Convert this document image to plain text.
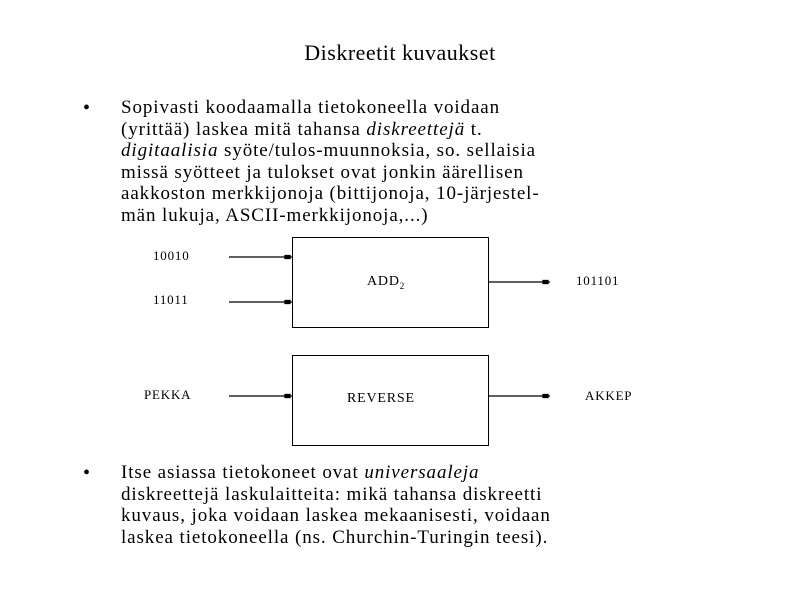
Diskreetit kuvaukset
• Sopivasti koodaamalla tietokoneella voidaan
(yrittää) laskea mitä tahansa diskreettejä t.
digitaalisia syöte/tulos-muunnoksia, so. sellaisia
missä syötteet ja tulokset ovat jonkin äärellisen
aakkoston merkkijonoja (bittijonoja, 10-järjestel-
män lukuja, ASCII-merkkijonoja,...)
10010
11011
$ADD_2$	101101
PEKKA	REVERSE	AKKEP
• Itse asiassa tietokoneet ovat universaaleja
diskreettejä laskulaitteita: mikä tahansa diskreetti
kuvaus, joka voidaan laskea mekaanisesti, voidaan
laskea tietokoneella (ns. Churchin-Turingin teesi).
